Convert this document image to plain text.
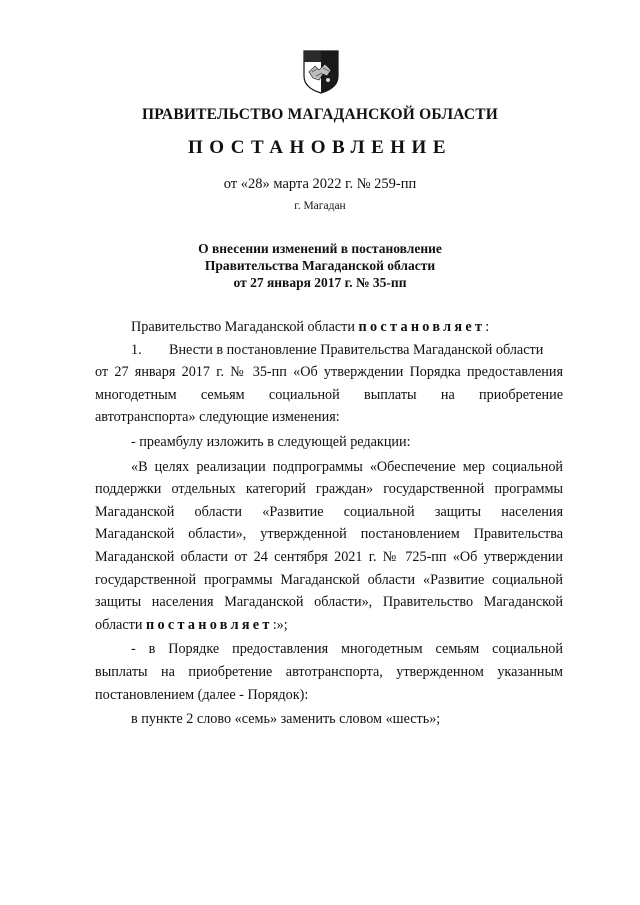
ПРАВИТЕЛЬСТВО МАГАДАНСКОЙ ОБЛАСТИ
ПОСТАНОВЛЕНИЕ
от «28» марта 2022 г. № 259-пп
г. Магадан
О внесении изменений в постановление
Правительства Магаданской области
от 27 января 2017 г. № 35-пп

Правительство Магаданской области постановляет:

1. Внести в постановление Правительства Магаданской области

от 27 января 2017 г. № 35-пп «Об утверждении Порядка предоставления

многодетным семьям социальной выплаты на приобретение

автотранспорта» следующие изменения:

- преамбулу изложить в следующей редакции:

«В целях реализации подпрограммы «Обеспечение мер социальной

поддержки отдельных категорий граждан» государственной программы

Магаданской области «Развитие социальной защиты населения

Магаданской области», утвержденной постановлением Правительства

Магаданской области от 24 сентября 2021 г. № 725-пп «Об утверждении

государственной программы Магаданской области «Развитие социальной

защиты населения Магаданской области», Правительство Магаданской

области постановляет:»;

- в Порядке предоставления многодетным семьям социальной

выплаты на приобретение автотранспорта, утвержденном указанным

постановлением (далее - Порядок):

в пункте 2 слово «семь» заменить словом «шесть»;
